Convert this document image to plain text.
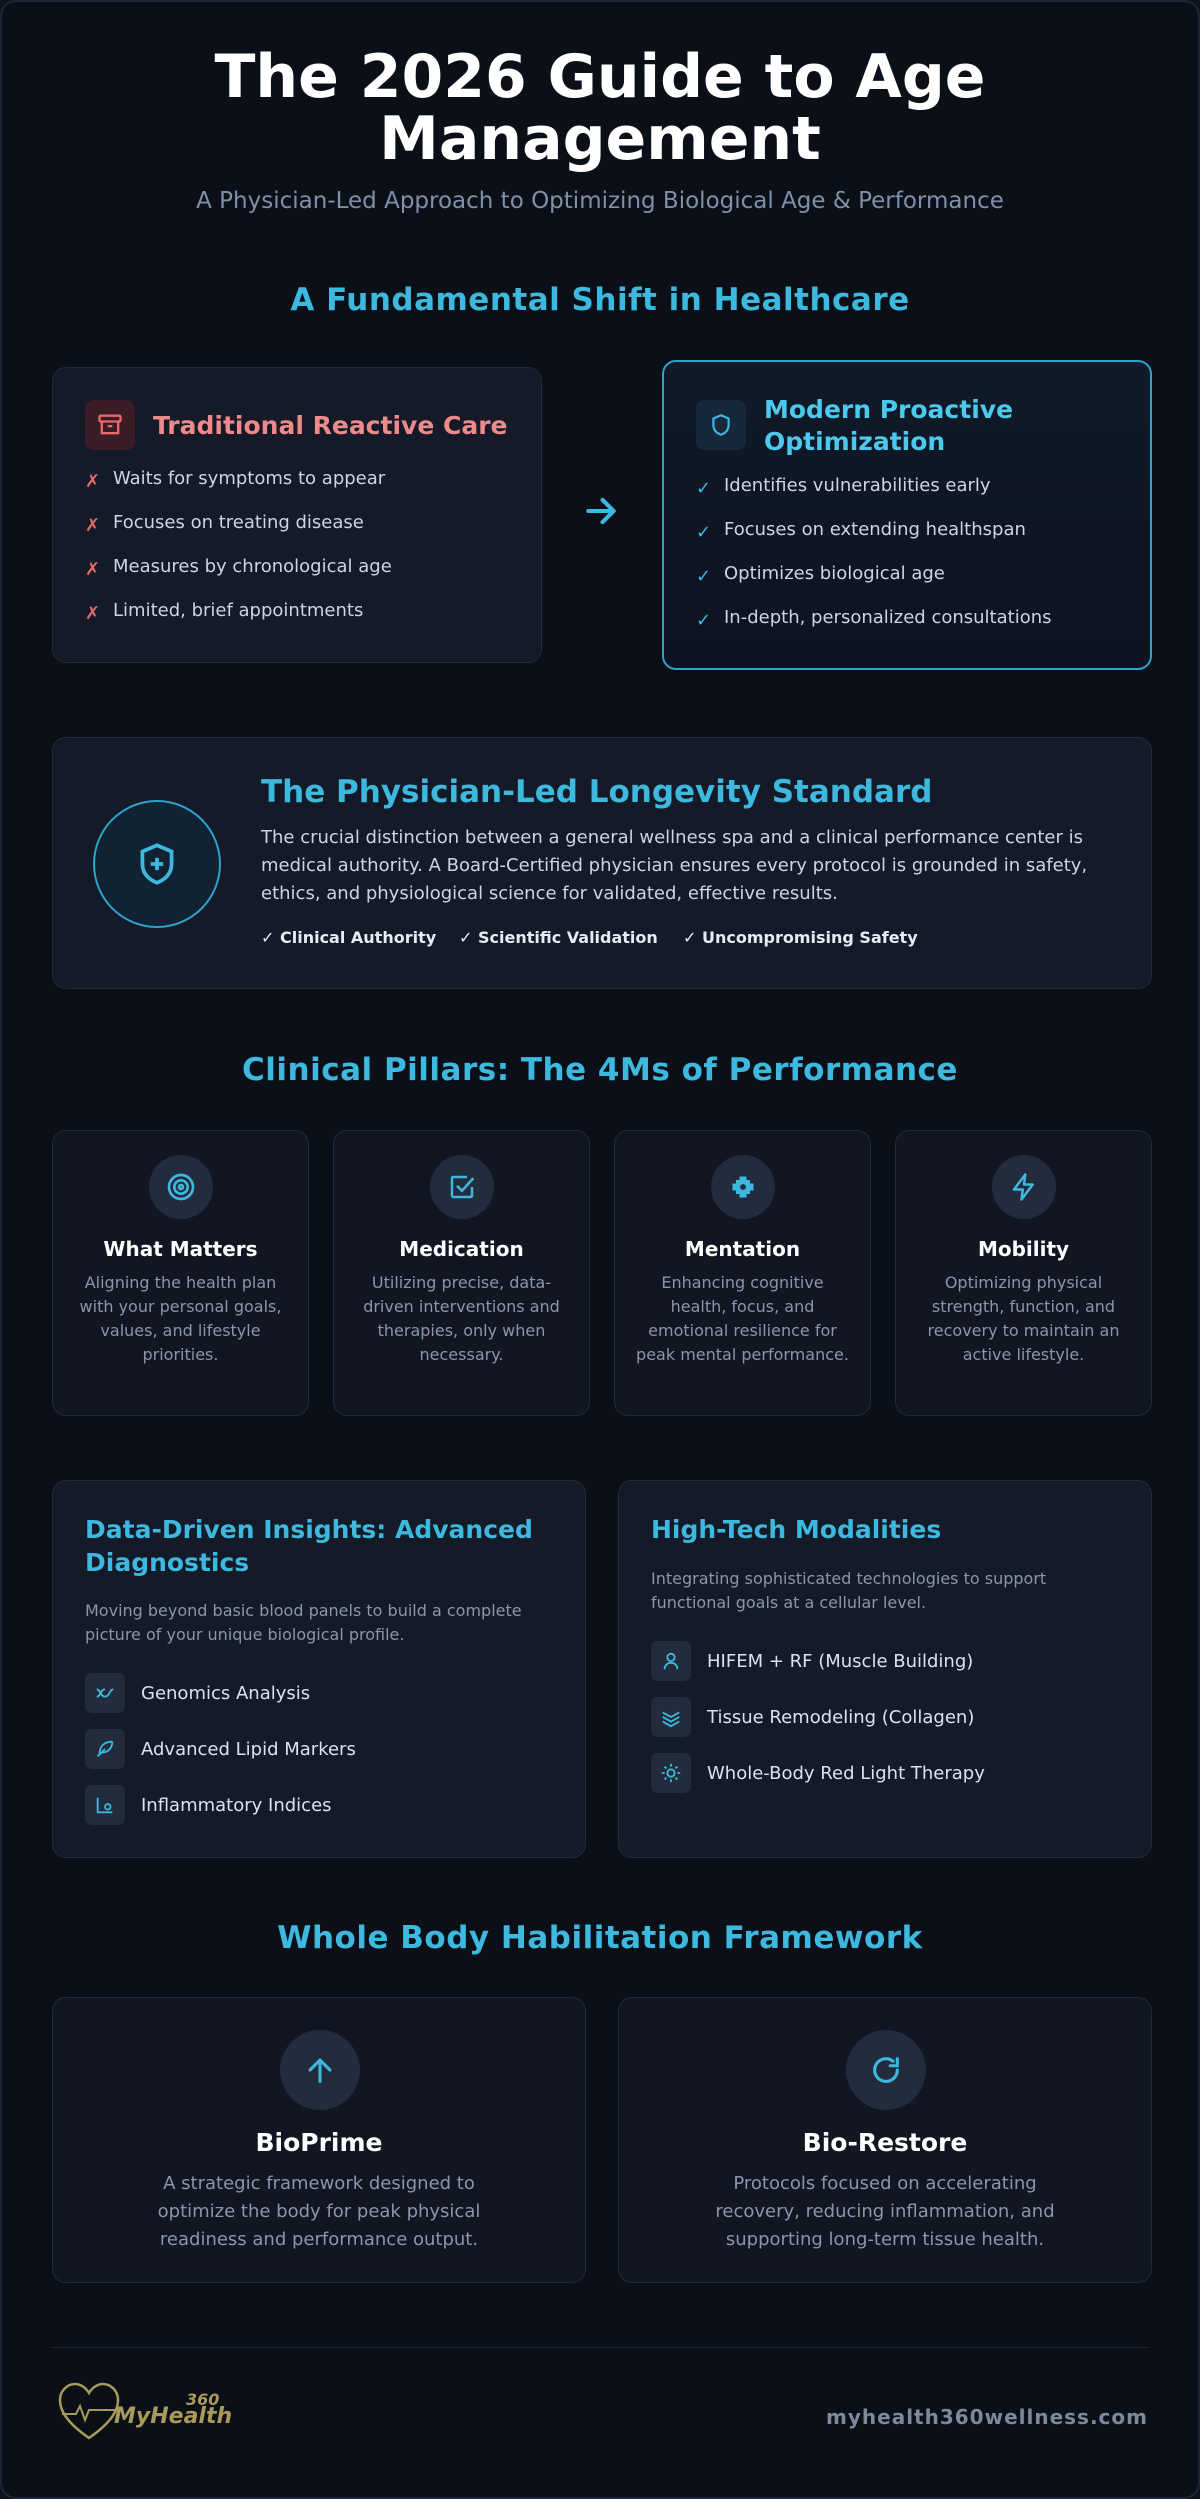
The 2026 Guide to Age Management
A Physician-Led Approach to Optimizing Biological Age & Performance
A Fundamental Shift in Healthcare
Traditional Reactive Care
✗ Waits for symptoms to appear
✗ Focuses on treating disease
✗ Measures by chronological age
✗ Limited, brief appointments
Modern Proactive Optimization
✓ Identifies vulnerabilities early
✓ Focuses on extending healthspan
✓ Optimizes biological age
✓ In-depth, personalized consultations
The Physician-Led Longevity Standard
The crucial distinction between a general wellness spa and a clinical performance center is medical authority. A Board-Certified physician ensures every protocol is grounded in safety, ethics, and physiological science for validated, effective results.
✓ Clinical Authority ✓ Scientific Validation ✓ Uncompromising Safety
Clinical Pillars: The 4Ms of Performance
What Matters
Aligning the health plan with your personal goals, values, and lifestyle priorities.
Medication
Utilizing precise, data-driven interventions and therapies, only when necessary.
Mentation
Enhancing cognitive health, focus, and emotional resilience for peak mental performance.
Mobility
Optimizing physical strength, function, and recovery to maintain an active lifestyle.
Data-Driven Insights: Advanced Diagnostics
Moving beyond basic blood panels to build a complete picture of your unique biological profile.
Genomics Analysis
Advanced Lipid Markers
Inflammatory Indices
High-Tech Modalities
Integrating sophisticated technologies to support functional goals at a cellular level.
HIFEM + RF (Muscle Building)
Tissue Remodeling (Collagen)
Whole-Body Red Light Therapy
Whole Body Habilitation Framework
BioPrime
A strategic framework designed to optimize the body for peak physical readiness and performance output.
Bio-Restore
Protocols focused on accelerating recovery, reducing inflammation, and supporting long-term tissue health.
MyHealth
360
myhealth360wellness.com
